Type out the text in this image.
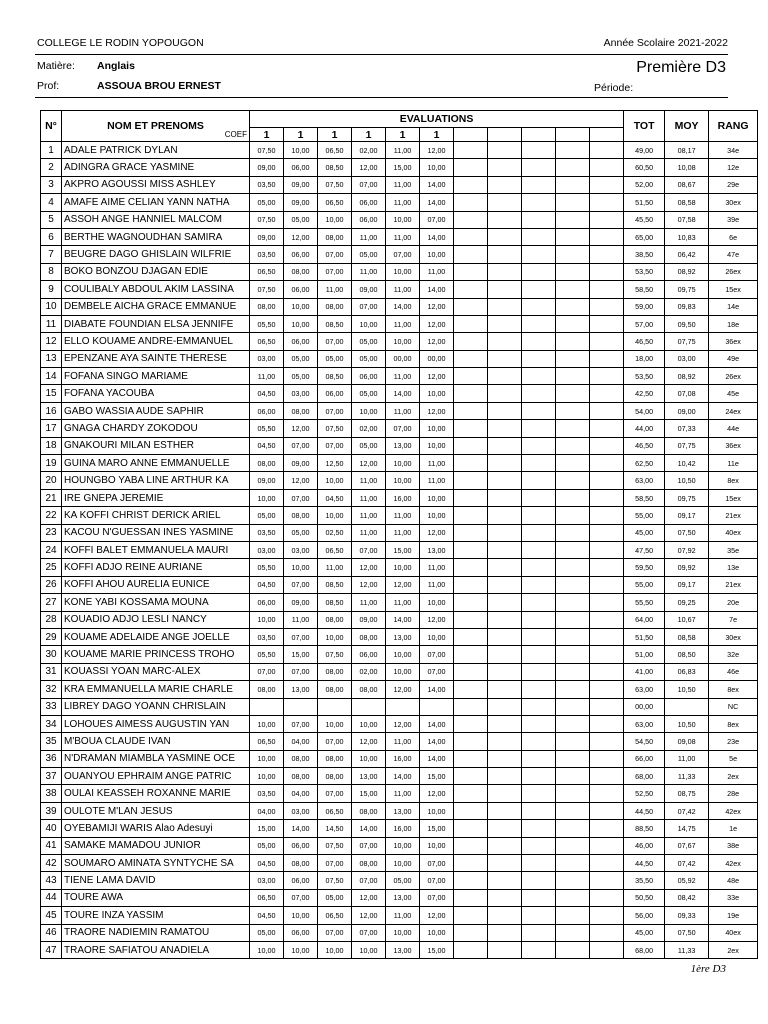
COLLEGE LE RODIN YOPOUGON	Année Scolaire 2021-2022
Matière: Anglais	Première D3
Prof:	ASSOUA BROU ERNEST	Période:
N°	NOM ET PRENOMS
COEF	EVALUATIONS											TOT	MOY	RANG
		1	1	1	1	1	1								
1	ADALE PATRICK DYLAN	07,50	10,00	06,50	02,00	11,00	12,00						49,00	08,17	34e
2	ADINGRA GRACE YASMINE	09,00	06,00	08,50	12,00	15,00	10,00						60,50	10,08	12e
3	AKPRO AGOUSSI MISS ASHLEY	03,50	09,00	07,50	07,00	11,00	14,00						52,00	08,67	29e
4	AMAFE AIME CELIAN YANN NATHA	05,00	09,00	06,50	06,00	11,00	14,00						51,50	08,58	30ex
5	ASSOH ANGE HANNIEL MALCOM	07,50	05,00	10,00	06,00	10,00	07,00						45,50	07,58	39e
6	BERTHE WAGNOUDHAN SAMIRA	09,00	12,00	08,00	11,00	11,00	14,00						65,00	10,83	6e
7	BEUGRE DAGO GHISLAIN WILFRIE	03,50	06,00	07,00	05,00	07,00	10,00						38,50	06,42	47e
8	BOKO BONZOU DJAGAN EDIE	06,50	08,00	07,00	11,00	10,00	11,00						53,50	08,92	26ex
9	COULIBALY ABDOUL AKIM LASSINA	07,50	06,00	11,00	09,00	11,00	14,00						58,50	09,75	15ex
10	DEMBELE AICHA GRACE EMMANUE	08,00	10,00	08,00	07,00	14,00	12,00						59,00	09,83	14e
11	DIABATE FOUNDIAN ELSA JENNIFE	05,50	10,00	08,50	10,00	11,00	12,00						57,00	09,50	18e
12	ELLO KOUAME ANDRE-EMMANUEL	06,50	06,00	07,00	05,00	10,00	12,00						46,50	07,75	36ex
13	EPENZANE AYA SAINTE THERESE	03,00	05,00	05,00	05,00	00,00	00,00						18,00	03,00	49e
14	FOFANA SINGO MARIAME	11,00	05,00	08,50	06,00	11,00	12,00						53,50	08,92	26ex
15	FOFANA YACOUBA	04,50	03,00	06,00	05,00	14,00	10,00						42,50	07,08	45e
16	GABO WASSIA AUDE SAPHIR	06,00	08,00	07,00	10,00	11,00	12,00						54,00	09,00	24ex
17	GNAGA CHARDY ZOKODOU	05,50	12,00	07,50	02,00	07,00	10,00						44,00	07,33	44e
18	GNAKOURI MILAN ESTHER	04,50	07,00	07,00	05,00	13,00	10,00						46,50	07,75	36ex
19	GUINA MARO ANNE EMMANUELLE	08,00	09,00	12,50	12,00	10,00	11,00						62,50	10,42	11e
20	HOUNGBO YABA LINE ARTHUR KA	09,00	12,00	10,00	11,00	10,00	11,00						63,00	10,50	8ex
21	IRE GNEPA JEREMIE	10,00	07,00	04,50	11,00	16,00	10,00						58,50	09,75	15ex
22	KA KOFFI CHRIST DERICK ARIEL	05,00	08,00	10,00	11,00	11,00	10,00						55,00	09,17	21ex
23	KACOU N'GUESSAN INES YASMINE	03,50	05,00	02,50	11,00	11,00	12,00						45,00	07,50	40ex
24	KOFFI BALET EMMANUELA MAURI	03,00	03,00	06,50	07,00	15,00	13,00						47,50	07,92	35e
25	KOFFI ADJO REINE AURIANE	05,50	10,00	11,00	12,00	10,00	11,00						59,50	09,92	13e
26	KOFFI AHOU AURELIA EUNICE	04,50	07,00	08,50	12,00	12,00	11,00						55,00	09,17	21ex
27	KONE YABI KOSSAMA MOUNA	06,00	09,00	08,50	11,00	11,00	10,00						55,50	09,25	20e
28	KOUADIO ADJO LESLI NANCY	10,00	11,00	08,00	09,00	14,00	12,00						64,00	10,67	7e
29	KOUAME ADELAIDE ANGE JOELLE	03,50	07,00	10,00	08,00	13,00	10,00						51,50	08,58	30ex
30	KOUAME MARIE PRINCESS TROHO	05,50	15,00	07,50	06,00	10,00	07,00						51,00	08,50	32e
31	KOUASSI YOAN MARC-ALEX	07,00	07,00	08,00	02,00	10,00	07,00						41,00	06,83	46e
32	KRA EMMANUELLA MARIE CHARLE	08,00	13,00	08,00	08,00	12,00	14,00						63,00	10,50	8ex
33	LIBREY DAGO YOANN CHRISLAIN												00,00		NC
34	LOHOUES AIMESS AUGUSTIN YAN	10,00	07,00	10,00	10,00	12,00	14,00						63,00	10,50	8ex
35	M'BOUA CLAUDE IVAN	06,50	04,00	07,00	12,00	11,00	14,00						54,50	09,08	23e
36	N'DRAMAN MIAMBLA YASMINE OCE	10,00	08,00	08,00	10,00	16,00	14,00						66,00	11,00	5e
37	OUANYOU EPHRAIM ANGE PATRIC	10,00	08,00	08,00	13,00	14,00	15,00						68,00	11,33	2ex
38	OULAI KEASSEH ROXANNE MARIE	03,50	04,00	07,00	15,00	11,00	12,00						52,50	08,75	28e
39	OULOTE M'LAN JESUS	04,00	03,00	06,50	08,00	13,00	10,00						44,50	07,42	42ex
40	OYEBAMIJI WARIS Alao Adesuyi	15,00	14,00	14,50	14,00	16,00	15,00						88,50	14,75	1e
41	SAMAKE MAMADOU JUNIOR	05,00	06,00	07,50	07,00	10,00	10,00						46,00	07,67	38e
42	SOUMARO AMINATA SYNTYCHE SA	04,50	08,00	07,00	08,00	10,00	07,00						44,50	07,42	42ex
43	TIENE LAMA DAVID	03,00	06,00	07,50	07,00	05,00	07,00						35,50	05,92	48e
44	TOURE AWA	06,50	07,00	05,00	12,00	13,00	07,00						50,50	08,42	33e
45	TOURE INZA YASSIM	04,50	10,00	06,50	12,00	11,00	12,00						56,00	09,33	19e
46	TRAORE NADIEMIN RAMATOU	05,00	06,00	07,00	07,00	10,00	10,00						45,00	07,50	40ex
47	TRAORE SAFIATOU ANADIELA	10,00	10,00	10,00	10,00	13,00	15,00						68,00	11,33	2ex
1ère D3
